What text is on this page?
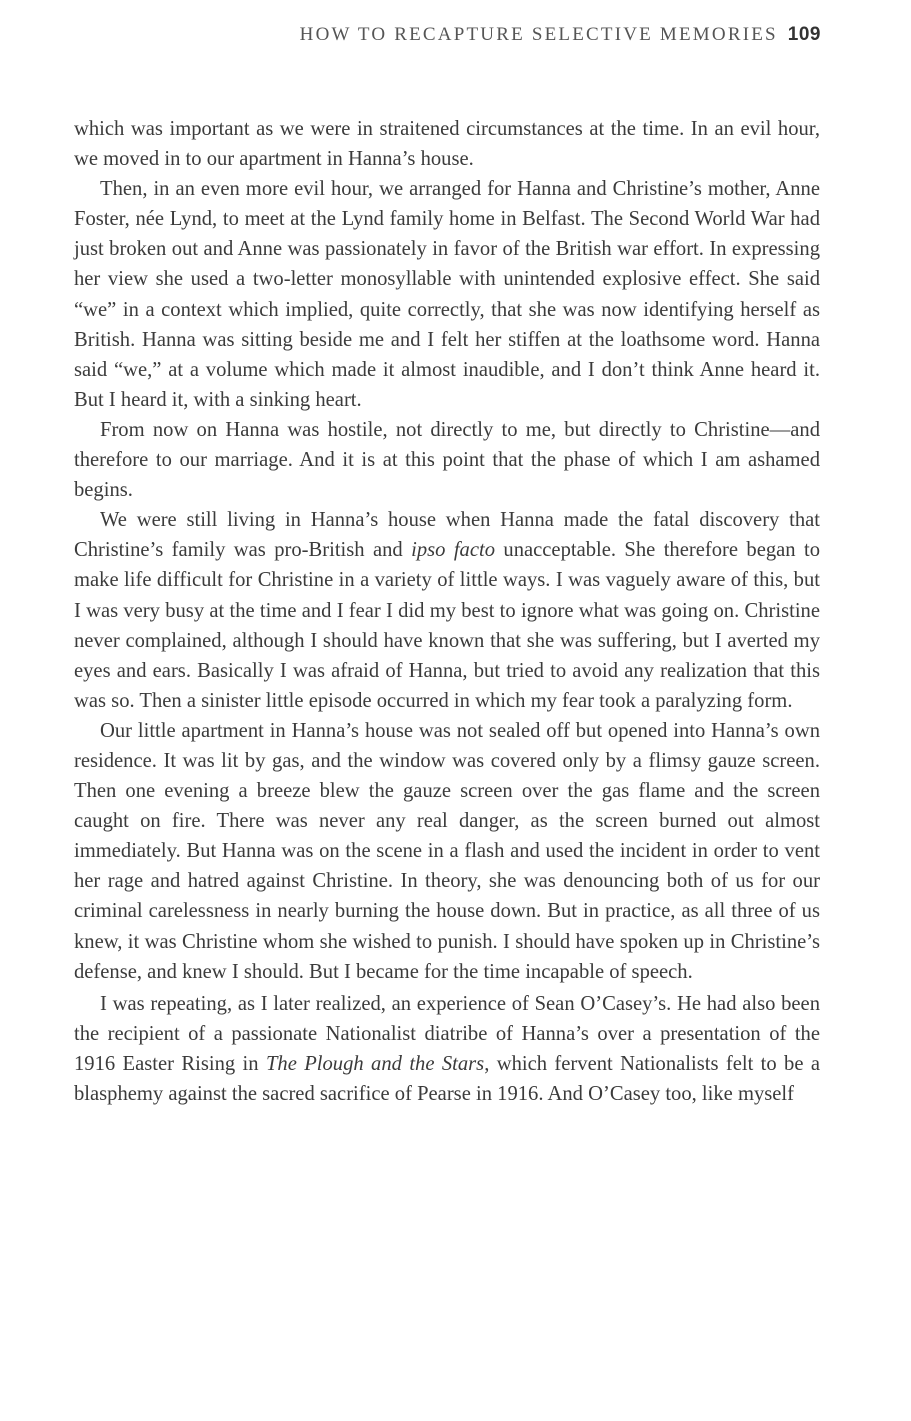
HOW TO RECAPTURE SELECTIVE MEMORIES 109

which was important as we were in straitened circumstances at the time. In an evil hour, we moved in to our apartment in Hanna’s house.

Then, in an even more evil hour, we arranged for Hanna and Christine’s mother, Anne Foster, née Lynd, to meet at the Lynd family home in Belfast. The Second World War had just broken out and Anne was passionately in favor of the British war effort. In expressing her view she used a two-letter monosyllable with unintended explosive effect. She said “we” in a context which implied, quite correctly, that she was now identifying herself as British. Hanna was sitting beside me and I felt her stiffen at the loathsome word. Hanna said “we,” at a volume which made it almost inaudible, and I don’t think Anne heard it. But I heard it, with a sinking heart.

From now on Hanna was hostile, not directly to me, but directly to Christine—and therefore to our marriage. And it is at this point that the phase of which I am ashamed begins.

We were still living in Hanna’s house when Hanna made the fatal discovery that Christine’s family was pro-British and ipso facto unacceptable. She therefore began to make life difficult for Christine in a variety of little ways. I was vaguely aware of this, but I was very busy at the time and I fear I did my best to ignore what was going on. Christine never complained, although I should have known that she was suffering, but I averted my eyes and ears. Basically I was afraid of Hanna, but tried to avoid any realization that this was so. Then a sinister little episode occurred in which my fear took a paralyzing form.

Our little apartment in Hanna’s house was not sealed off but opened into Hanna’s own residence. It was lit by gas, and the window was covered only by a flimsy gauze screen. Then one evening a breeze blew the gauze screen over the gas flame and the screen caught on fire. There was never any real danger, as the screen burned out almost immediately. But Hanna was on the scene in a flash and used the incident in order to vent her rage and hatred against Christine. In theory, she was denouncing both of us for our criminal carelessness in nearly burning the house down. But in practice, as all three of us knew, it was Christine whom she wished to punish. I should have spoken up in Christine’s defense, and knew I should. But I became for the time incapable of speech.

I was repeating, as I later realized, an experience of Sean O’Casey’s. He had also been the recipient of a passionate Nationalist diatribe of Hanna’s over a presentation of the 1916 Easter Rising in The Plough and the Stars, which fervent Nationalists felt to be a blasphemy against the sacred sacrifice of Pearse in 1916. And O’Casey too, like myself
